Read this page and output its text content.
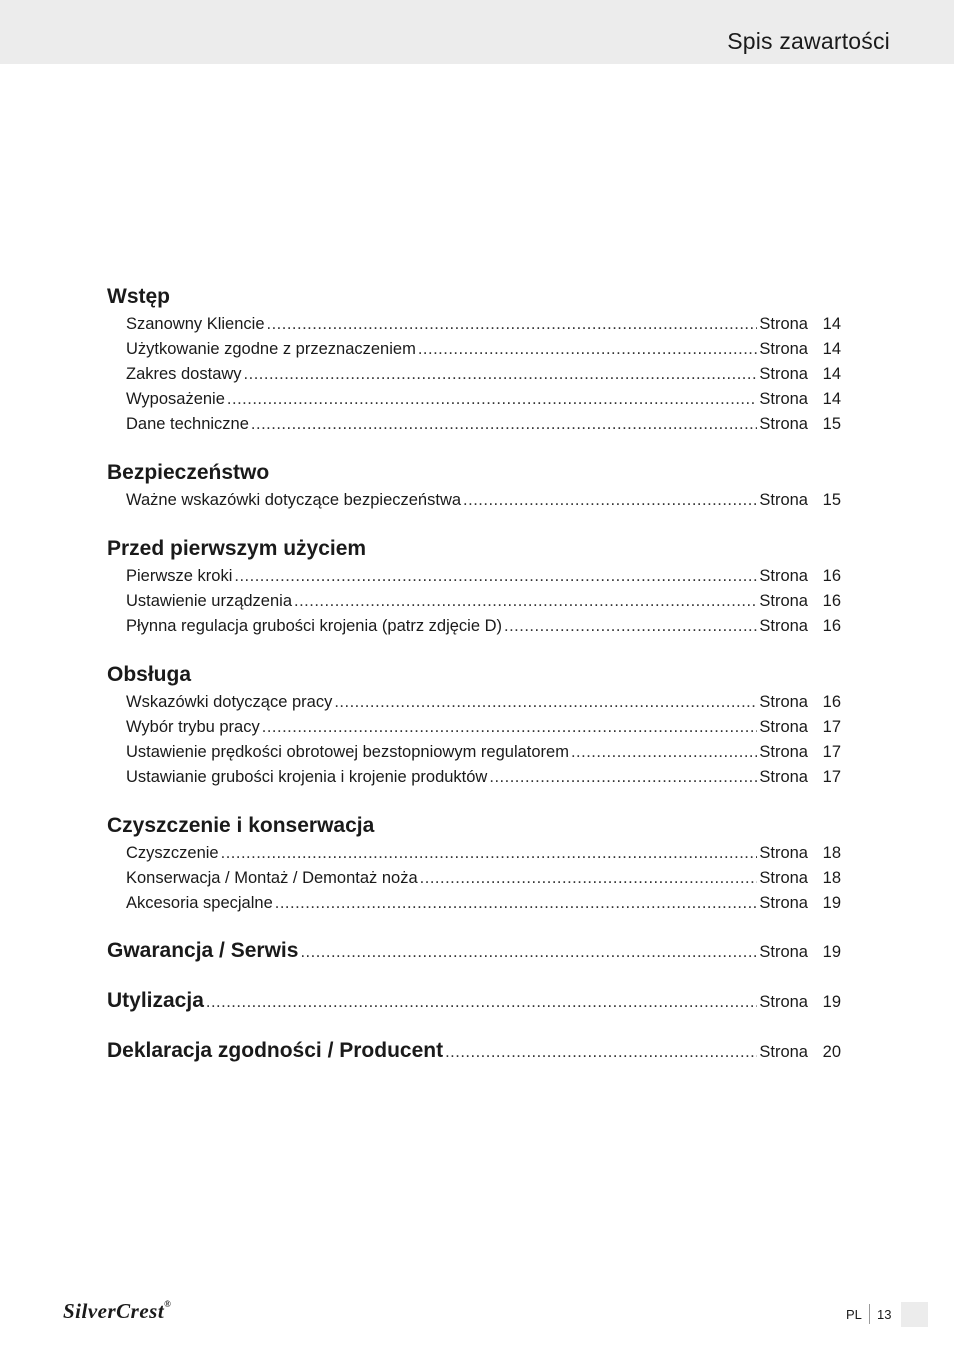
Spis zawartości
Wstęp
Szanowny Kliencie .....	Strona 14
Użytkowanie zgodne z przeznaczeniem .....	Strona 14
Zakres dostawy .....	Strona 14
Wyposażenie .....	Strona 14
Dane techniczne .....	Strona 15
Bezpieczeństwo
Ważne wskazówki dotyczące bezpieczeństwa .....	Strona 15
Przed pierwszym użyciem
Pierwsze kroki .....	Strona 16
Ustawienie urządzenia .....	Strona 16
Płynna regulacja grubości krojenia (patrz zdjęcie D) .....	Strona 16
Obsługa
Wskazówki dotyczące pracy .....	Strona 16
Wybór trybu pracy .....	Strona 17
Ustawienie prędkości obrotowej bezstopniowym regulatorem .....	Strona 17
Ustawianie grubości krojenia i krojenie produktów .....	Strona 17
Czyszczenie i konserwacja
Czyszczenie .....	Strona 18
Konserwacja / Montaż / Demontaż noża .....	Strona 18
Akcesoria specjalne .....	Strona 19
Gwarancja / Serwis .....	Strona 19
Utylizacja .....	Strona 19
Deklaracja zgodności / Producent .....	Strona 20
SilverCrest®
PL 13
